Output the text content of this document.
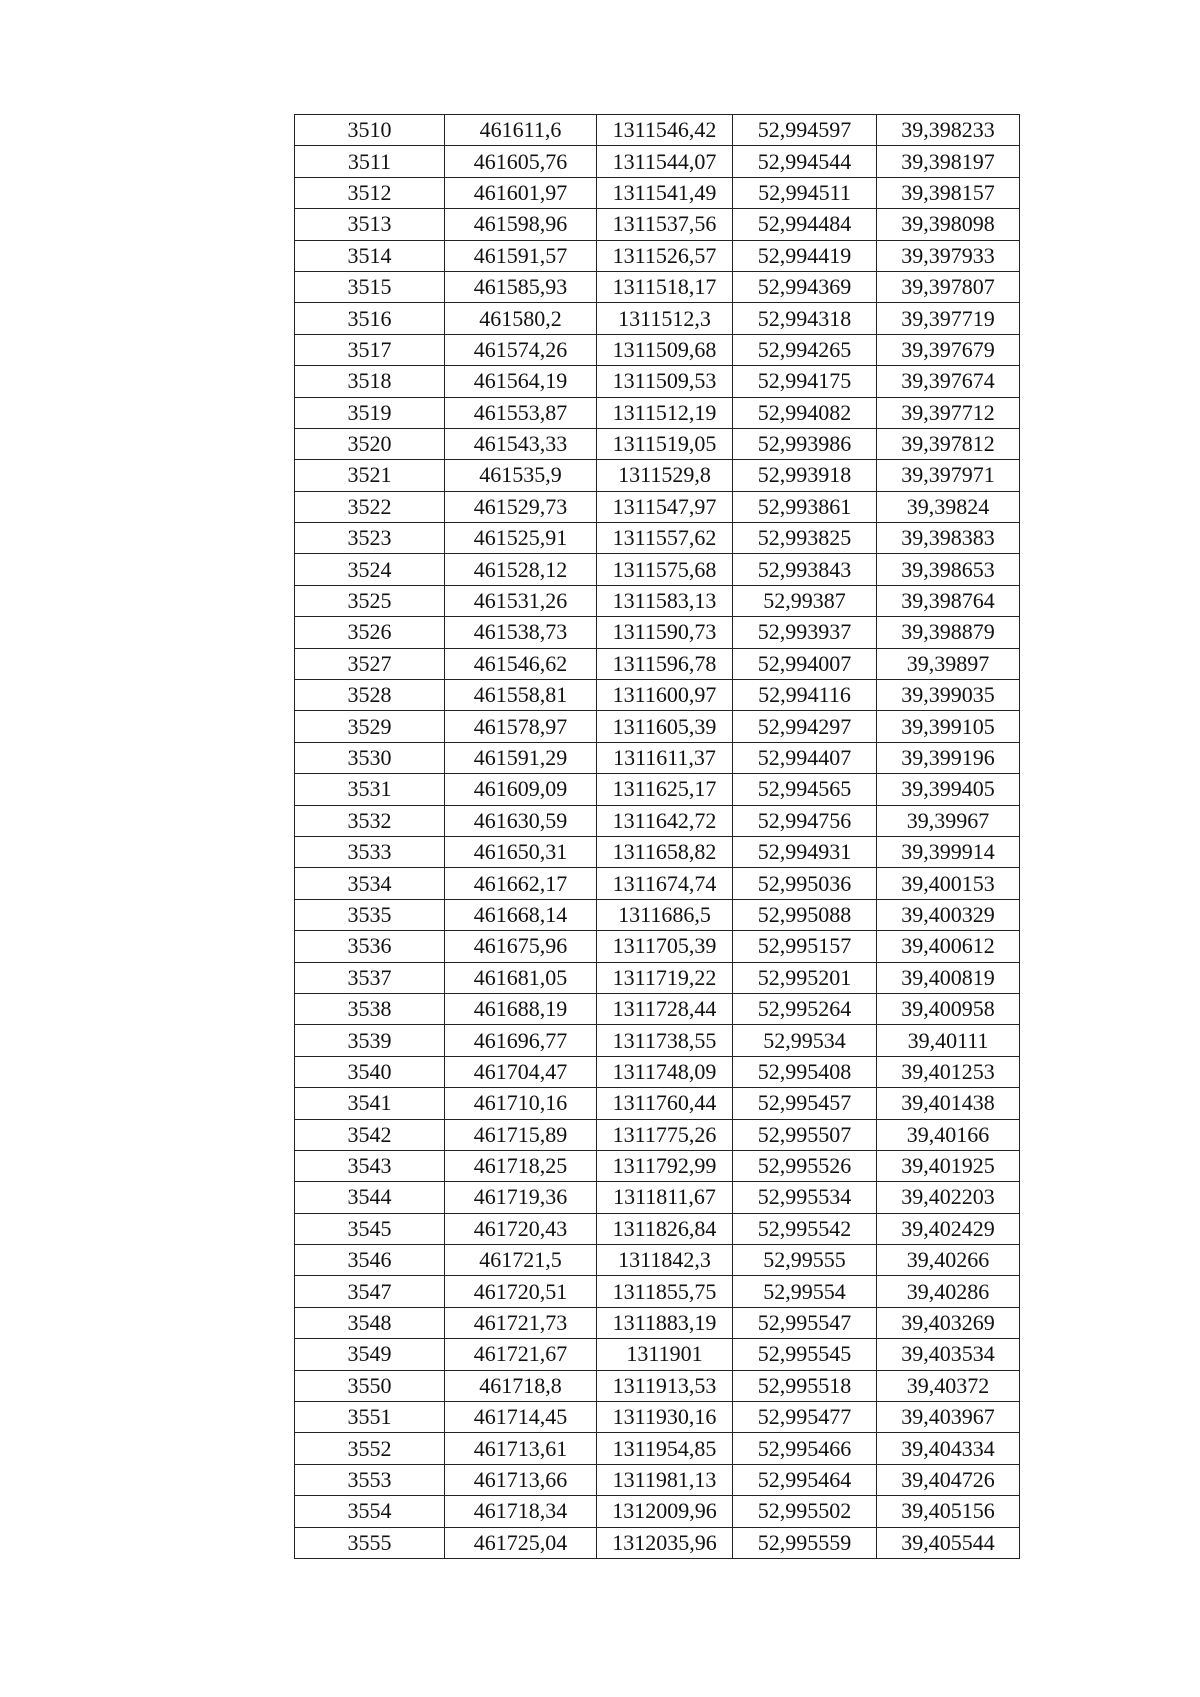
3510	461611,6	1311546,42	52,994597	39,398233
3511	461605,76	1311544,07	52,994544	39,398197
3512	461601,97	1311541,49	52,994511	39,398157
3513	461598,96	1311537,56	52,994484	39,398098
3514	461591,57	1311526,57	52,994419	39,397933
3515	461585,93	1311518,17	52,994369	39,397807
3516	461580,2	1311512,3	52,994318	39,397719
3517	461574,26	1311509,68	52,994265	39,397679
3518	461564,19	1311509,53	52,994175	39,397674
3519	461553,87	1311512,19	52,994082	39,397712
3520	461543,33	1311519,05	52,993986	39,397812
3521	461535,9	1311529,8	52,993918	39,397971
3522	461529,73	1311547,97	52,993861	39,39824
3523	461525,91	1311557,62	52,993825	39,398383
3524	461528,12	1311575,68	52,993843	39,398653
3525	461531,26	1311583,13	52,99387	39,398764
3526	461538,73	1311590,73	52,993937	39,398879
3527	461546,62	1311596,78	52,994007	39,39897
3528	461558,81	1311600,97	52,994116	39,399035
3529	461578,97	1311605,39	52,994297	39,399105
3530	461591,29	1311611,37	52,994407	39,399196
3531	461609,09	1311625,17	52,994565	39,399405
3532	461630,59	1311642,72	52,994756	39,39967
3533	461650,31	1311658,82	52,994931	39,399914
3534	461662,17	1311674,74	52,995036	39,400153
3535	461668,14	1311686,5	52,995088	39,400329
3536	461675,96	1311705,39	52,995157	39,400612
3537	461681,05	1311719,22	52,995201	39,400819
3538	461688,19	1311728,44	52,995264	39,400958
3539	461696,77	1311738,55	52,99534	39,40111
3540	461704,47	1311748,09	52,995408	39,401253
3541	461710,16	1311760,44	52,995457	39,401438
3542	461715,89	1311775,26	52,995507	39,40166
3543	461718,25	1311792,99	52,995526	39,401925
3544	461719,36	1311811,67	52,995534	39,402203
3545	461720,43	1311826,84	52,995542	39,402429
3546	461721,5	1311842,3	52,99555	39,40266
3547	461720,51	1311855,75	52,99554	39,40286
3548	461721,73	1311883,19	52,995547	39,403269
3549	461721,67	1311901	52,995545	39,403534
3550	461718,8	1311913,53	52,995518	39,40372
3551	461714,45	1311930,16	52,995477	39,403967
3552	461713,61	1311954,85	52,995466	39,404334
3553	461713,66	1311981,13	52,995464	39,404726
3554	461718,34	1312009,96	52,995502	39,405156
3555	461725,04	1312035,96	52,995559	39,405544
